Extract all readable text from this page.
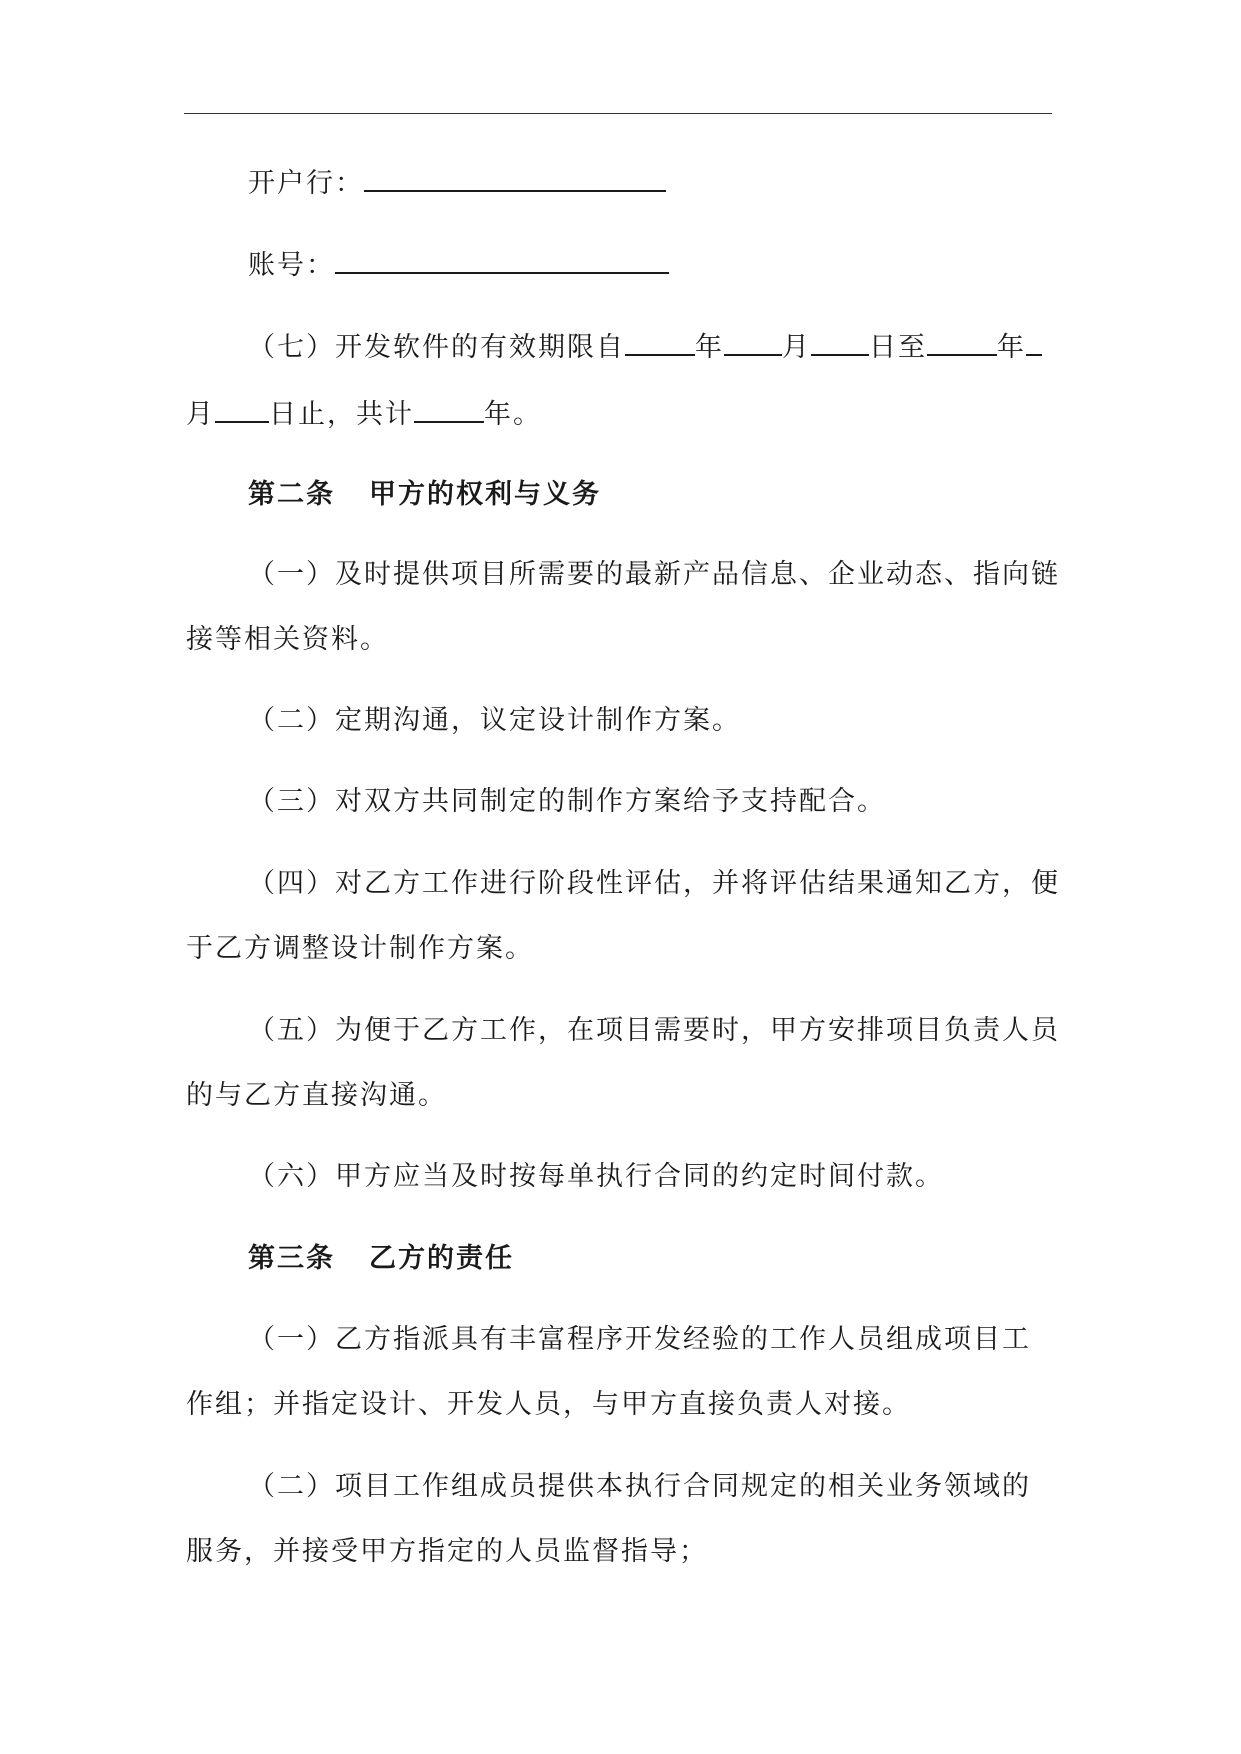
开户行：
账号：
（七）开发软件的有效期限自	年 月 日至	年
月 日止，共计	年。
第二条 甲方的权利与义务
（一）及时提供项目所需要的最新产品信息、企业动态、指向链
接等相关资料。
（二）定期沟通，议定设计制作方案。
（三）对双方共同制定的制作方案给予支持配合。
（四）对乙方工作进行阶段性评估，并将评估结果通知乙方，便
于乙方调整设计制作方案。
（五）为便于乙方工作，在项目需要时，甲方安排项目负责人员
的与乙方直接沟通。
（六）甲方应当及时按每单执行合同的约定时间付款。
第三条 乙方的责任
（一）乙方指派具有丰富程序开发经验的工作人员组成项目工
作组；并指定设计、开发人员，与甲方直接负责人对接。
（二）项目工作组成员提供本执行合同规定的相关业务领域的
服务，并接受甲方指定的人员监督指导；
